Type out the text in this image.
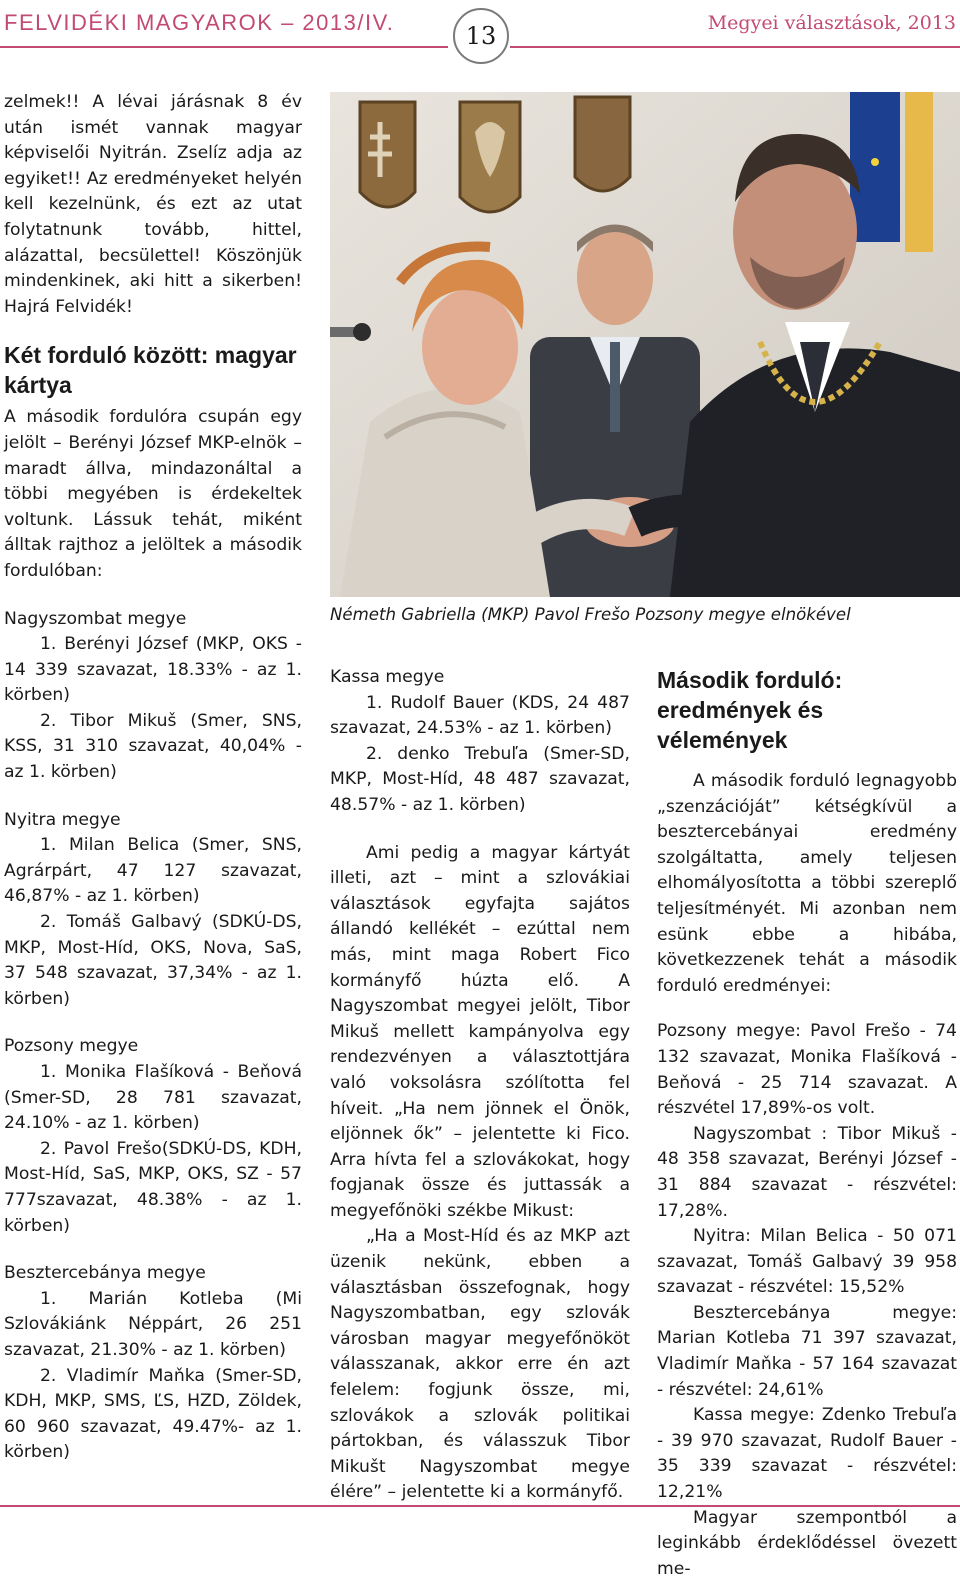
FELVIDÉKI MAGYAROK – 2013/IV.	Megyei választások, 2013
13

zelmek!! A lévai járásnak 8 év után ismét vannak magyar képviselői Nyitrán. Zselíz adja az egyiket!! Az eredményeket helyén kell kezelnünk, és ezt az utat folytatnunk tovább, hittel, alázattal, becsülettel! Köszönjük mindenkinek, aki hitt a sikerben! Hajrá Felvidék!

Két forduló között: magyar kártya

A második fordulóra csupán egy jelölt – Berényi József MKP-elnök – maradt állva, mindazonáltal a többi megyében is érdekeltek voltunk. Lássuk tehát, miként álltak rajthoz a jelöltek a második fordulóban:

Nagyszombat megye

1. Berényi József (MKP, OKS - 14 339 szavazat, 18.33% - az 1. körben)

2. Tibor Mikuš (Smer, SNS, KSS, 31 310 szavazat, 40,04% - az 1. körben)

Nyitra megye

1. Milan Belica (Smer, SNS, Agrárpárt, 47 127 szavazat, 46,87% - az 1. körben)

2. Tomáš Galbavý (SDKÚ-DS, MKP, Most-Híd, OKS, Nova, SaS, 37 548 szavazat, 37,34% - az 1. körben)

Pozsony megye

1. Monika Flašíková - Beňová (Smer-SD, 28 781 szavazat, 24.10% - az 1. körben)

2. Pavol Frešo(SDKÚ-DS, KDH, Most-Híd, SaS, MKP, OKS, SZ - 57 777szavazat, 48.38% - az 1. körben)

Besztercebánya megye

1. Marián Kotleba (Mi Szlovákiánk Néppárt, 26 251 szavazat, 21.30% - az 1. körben)

2. Vladimír Maňka (Smer-SD, KDH, MKP, SMS, ĽS, HZD, Zöldek, 60 960 szavazat, 49.47%- az 1. körben)

Németh Gabriella (MKP) Pavol Frešo Pozsony megye elnökével
Kassa megye

1. Rudolf Bauer (KDS, 24 487 szavazat, 24.53% - az 1. körben)

2. denko Trebuľa (Smer-SD, MKP, Most-Híd, 48 487 szavazat, 48.57% - az 1. körben)

Ami pedig a magyar kártyát illeti, azt – mint a szlovákiai választások egyfajta sajátos állandó kellékét – ezúttal nem más, mint maga Robert Fico kormányfő húzta elő. A Nagyszombat megyei jelölt, Tibor Mikuš mellett kampányolva egy rendezvényen a választottjára való voksolásra szólította fel híveit. „Ha nem jönnek el Önök, eljönnek ők” – jelentette ki Fico. Arra hívta fel a szlovákokat, hogy fogjanak össze és juttassák a megyefőnöki székbe Mikust:

„Ha a Most-Híd és az MKP azt üzenik nekünk, ebben a választásban összefognak, hogy Nagyszombatban, egy szlovák városban magyar megyefőnököt válasszanak, akkor erre én azt felelem: fogjunk össze, mi, szlovákok a szlovák politikai pártokban, és válasszuk Tibor Mikušt Nagyszombat megye élére” – jelentette ki a kormányfő.

Második forduló: eredmények és vélemények

A második forduló legnagyobb „szenzációját” kétségkívül a besztercebányai eredmény szolgáltatta, amely teljesen elhomályosította a többi szereplő teljesítményét. Mi azonban nem esünk ebbe a hibába, következzenek tehát a második forduló eredményei:

Pozsony megye: Pavol Frešo - 74 132 szavazat, Monika Flašíková - Beňová - 25 714 szavazat. A részvétel 17,89%-os volt.

Nagyszombat : Tibor Mikuš - 48 358 szavazat, Berényi József - 31 884 szavazat - részvétel: 17,28%.

Nyitra: Milan Belica - 50 071 szavazat, Tomáš Galbavý 39 958 szavazat - részvétel: 15,52%

Besztercebánya megye: Marian Kotleba 71 397 szavazat, Vladimír Maňka - 57 164 szavazat - részvétel: 24,61%

Kassa megye: Zdenko Trebuľa - 39 970 szavazat, Rudolf Bauer - 35 339 szavazat - részvétel: 12,21%

Magyar szempontból a leginkább érdeklődéssel övezett me-
